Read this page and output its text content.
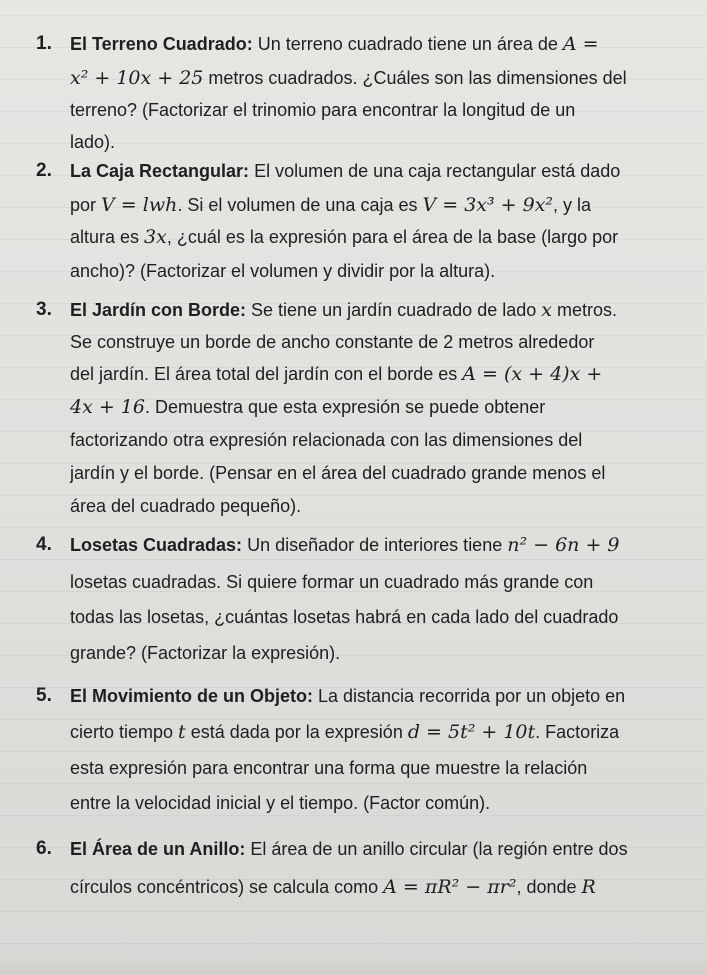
1. El Terreno Cuadrado: Un terreno cuadrado tiene un área de A =
x² + 10x + 25 metros cuadrados. ¿Cuáles son las dimensiones del
terreno? (Factorizar el trinomio para encontrar la longitud de un
lado).
2. La Caja Rectangular: El volumen de una caja rectangular está dado
por V = lwh. Si el volumen de una caja es V = 3x³ + 9x², y la
altura es 3x, ¿cuál es la expresión para el área de la base (largo por
ancho)? (Factorizar el volumen y dividir por la altura).
3. El Jardín con Borde: Se tiene un jardín cuadrado de lado x metros.
Se construye un borde de ancho constante de 2 metros alrededor
del jardín. El área total del jardín con el borde es A = (x + 4)x +
4x + 16. Demuestra que esta expresión se puede obtener
factorizando otra expresión relacionada con las dimensiones del
jardín y el borde. (Pensar en el área del cuadrado grande menos el
área del cuadrado pequeño).
4. Losetas Cuadradas: Un diseñador de interiores tiene n² − 6n + 9
losetas cuadradas. Si quiere formar un cuadrado más grande con
todas las losetas, ¿cuántas losetas habrá en cada lado del cuadrado
grande? (Factorizar la expresión).
5. El Movimiento de un Objeto: La distancia recorrida por un objeto en
cierto tiempo t está dada por la expresión d = 5t² + 10t. Factoriza
esta expresión para encontrar una forma que muestre la relación
entre la velocidad inicial y el tiempo. (Factor común).
6. El Área de un Anillo: El área de un anillo circular (la región entre dos
círculos concéntricos) se calcula como A = πR² − πr², donde R
